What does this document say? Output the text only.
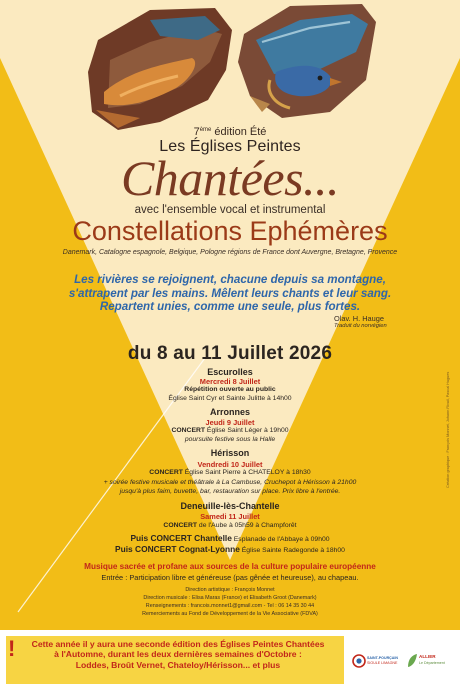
7ème édition Été
Les Églises Peintes
Chantées...
avec l'ensemble vocal et instrumental
Constellations Ephémères
Danemark, Catalogne espagnole, Belgique, Pologne régions de France dont Auvergne, Bretagne, Provence
Les rivières se rejoignent, chacune depuis sa montagne,
s'attrapent par les mains. Mêlent leurs chants et leur sang.
Repartent unies, comme une seule, plus fortes.
Olav. H. Hauge
Traduit du norvégien
du 8 au 11 Juillet 2026
Escurolles
Mercredi 8 Juillet
Répétition ouverte au public
Église Saint Cyr et Sainte Julitte à 14h00
Arronnes
Jeudi 9 Juillet
CONCERT Église Saint Léger à 19h00
poursuite festive sous la Halle
Hérisson
Vendredi 10 Juillet
CONCERT Église Saint Pierre à CHATELOY à 18h30
+ soirée festive musicale et théâtrale à La Cambuse, Cruchepot à Hérisson à 21h00
jusqu'à plus faim, buvette, bar, restauration sur place. Prix libre à l'entrée.
Deneuille-lès-Chantelle
Samedi 11 Juillet
CONCERT de l'Aube à 05h59 à Champforêt
Puis CONCERT Chantelle Esplanade de l'Abbaye à 09h00
Puis CONCERT Cognat-Lyonne Église Sainte Radegonde à 18h00
Musique sacrée et profane aux sources de la culture populaire européenne
Entrée : Participation libre et généreuse (pas gênée et heureuse), au chapeau.
Direction artistique : François Monnet
Direction musicale : Elisa Maras (France) et Elisabeth Groot (Danemark)
Renseignements : francois.monnet1@gmail.com - Tel : 06 14 35 30 44
Remerciements au Fond de Développement de la Vie Associative (FDVA)
Création graphique : François Monnet, Johann Rivail, Pascal Hugues
!	Cette année il y aura une seconde édition des Églises Peintes Chantées
à l'Automne, durant les deux dernières semaines d'Octobre :
Loddes, Broût Vernet, Chateloy/Hérisson... et plus
SAINT-POURÇAIN
SIOULE LIMAGNE
ALLIER
Le Département
